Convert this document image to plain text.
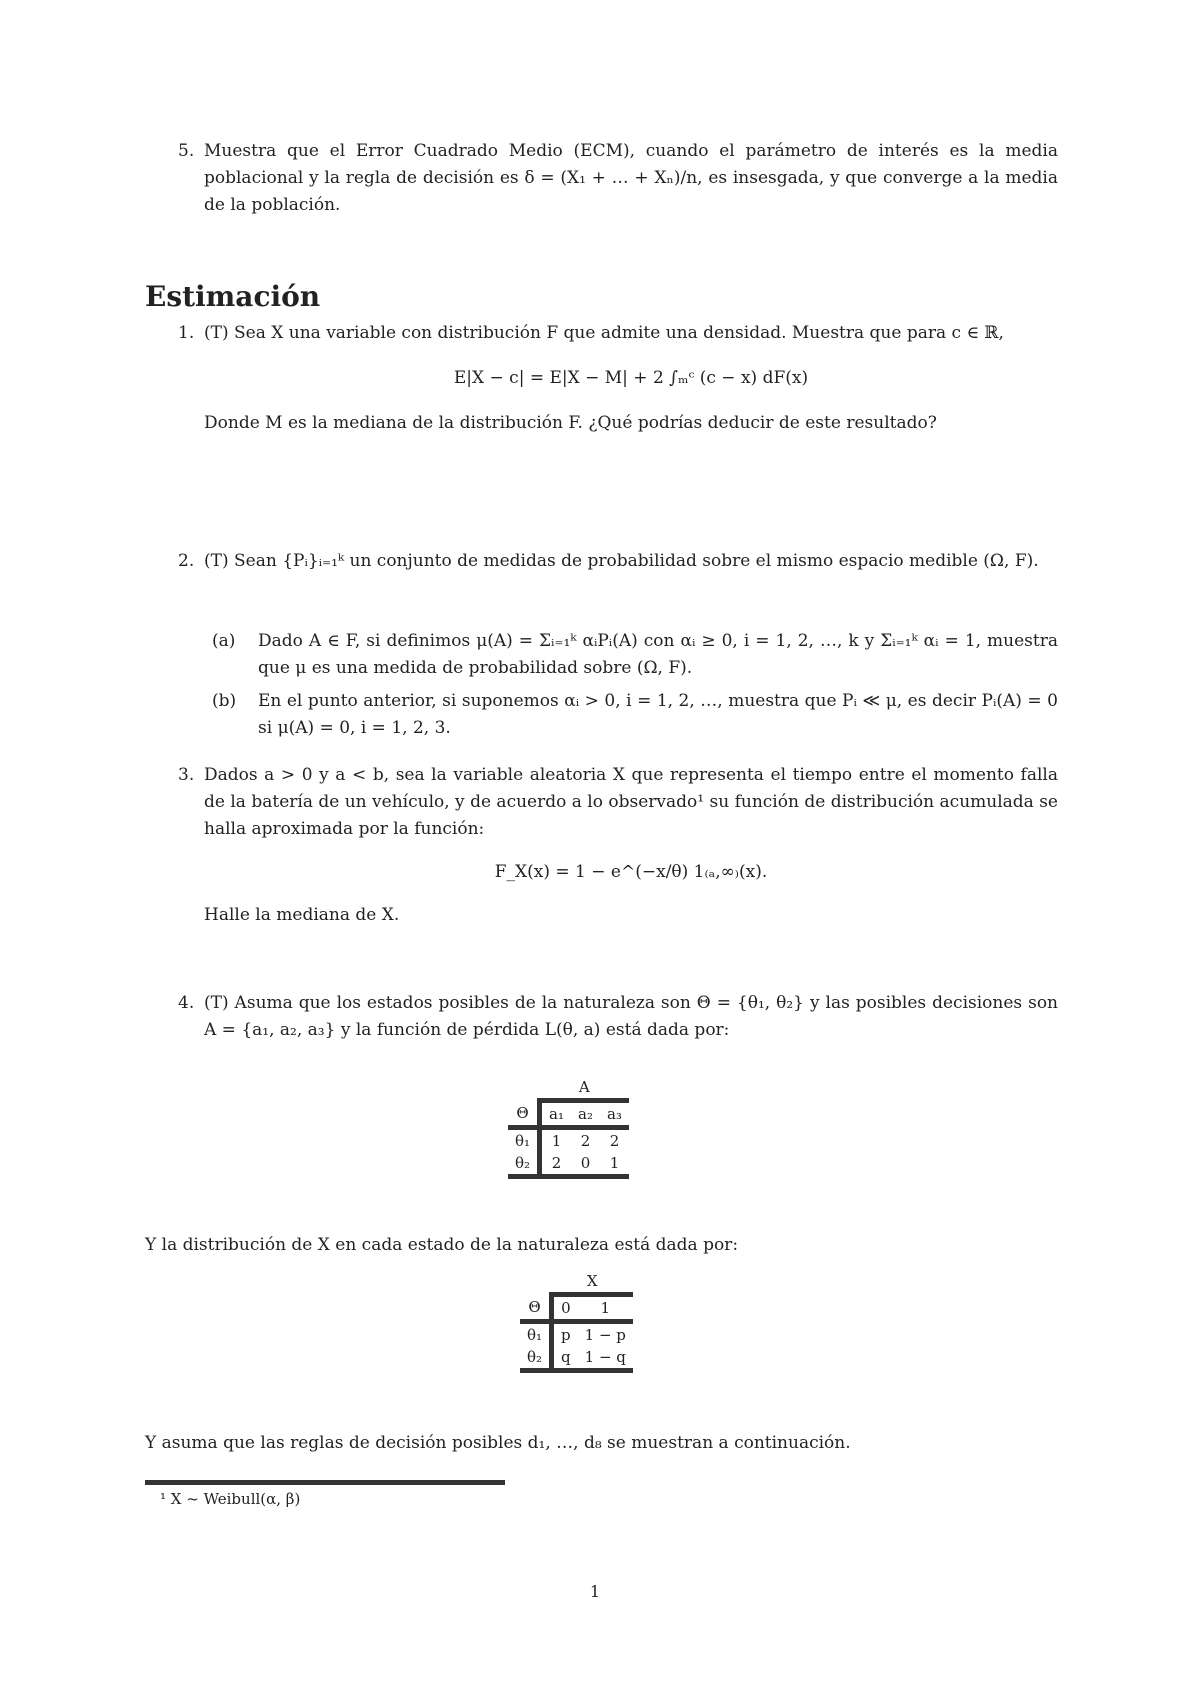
5. Muestra que el Error Cuadrado Medio (ECM), cuando el parámetro de interés es la media poblacional y la regla de decisión es δ = (X₁ + … + Xₙ)/n, es insesgada, y que converge a la media de la población.
Estimación
1. (T) Sea X una variable con distribución F que admite una densidad. Muestra que para c ∈ ℝ,
E|X − c| = E|X − M| + 2 ∫ₘᶜ (c − x) dF(x)
Donde M es la mediana de la distribución F. ¿Qué podrías deducir de este resultado?
2. (T) Sean {Pᵢ}ᵢ₌₁ᵏ un conjunto de medidas de probabilidad sobre el mismo espacio medible (Ω, F).
(a)	Dado A ∈ F, si definimos μ(A) = Σᵢ₌₁ᵏ αᵢPᵢ(A) con αᵢ ≥ 0, i = 1, 2, …, k y Σᵢ₌₁ᵏ αᵢ = 1, muestra que μ es una medida de probabilidad sobre (Ω, F).
(b)	En el punto anterior, si suponemos αᵢ > 0, i = 1, 2, …, muestra que Pᵢ ≪ μ, es decir Pᵢ(A) = 0 si μ(A) = 0, i = 1, 2, 3.
3. Dados a > 0 y a < b, sea la variable aleatoria X que representa el tiempo entre el momento falla de la batería de un vehículo, y de acuerdo a lo observado¹ su función de distribución acumulada se halla aproximada por la función:
F_X(x) = 1 − e^(−x/θ) 1₍ₐ,∞₎(x).
Halle la mediana de X.
4. (T) Asuma que los estados posibles de la naturaleza son Θ = {θ₁, θ₂} y las posibles decisiones son A = {a₁, a₂, a₃} y la función de pérdida L(θ, a) está dada por:
	A		
Θ	a₁	a₂	a₃
θ₁	1	2	2
θ₂	2	0	1
Y la distribución de X en cada estado de la naturaleza está dada por:
	X	
Θ	0	1
θ₁	p	1 − p
θ₂	q	1 − q
Y asuma que las reglas de decisión posibles d₁, …, d₈ se muestran a continuación.
¹ X ~ Weibull(α, β)
1
